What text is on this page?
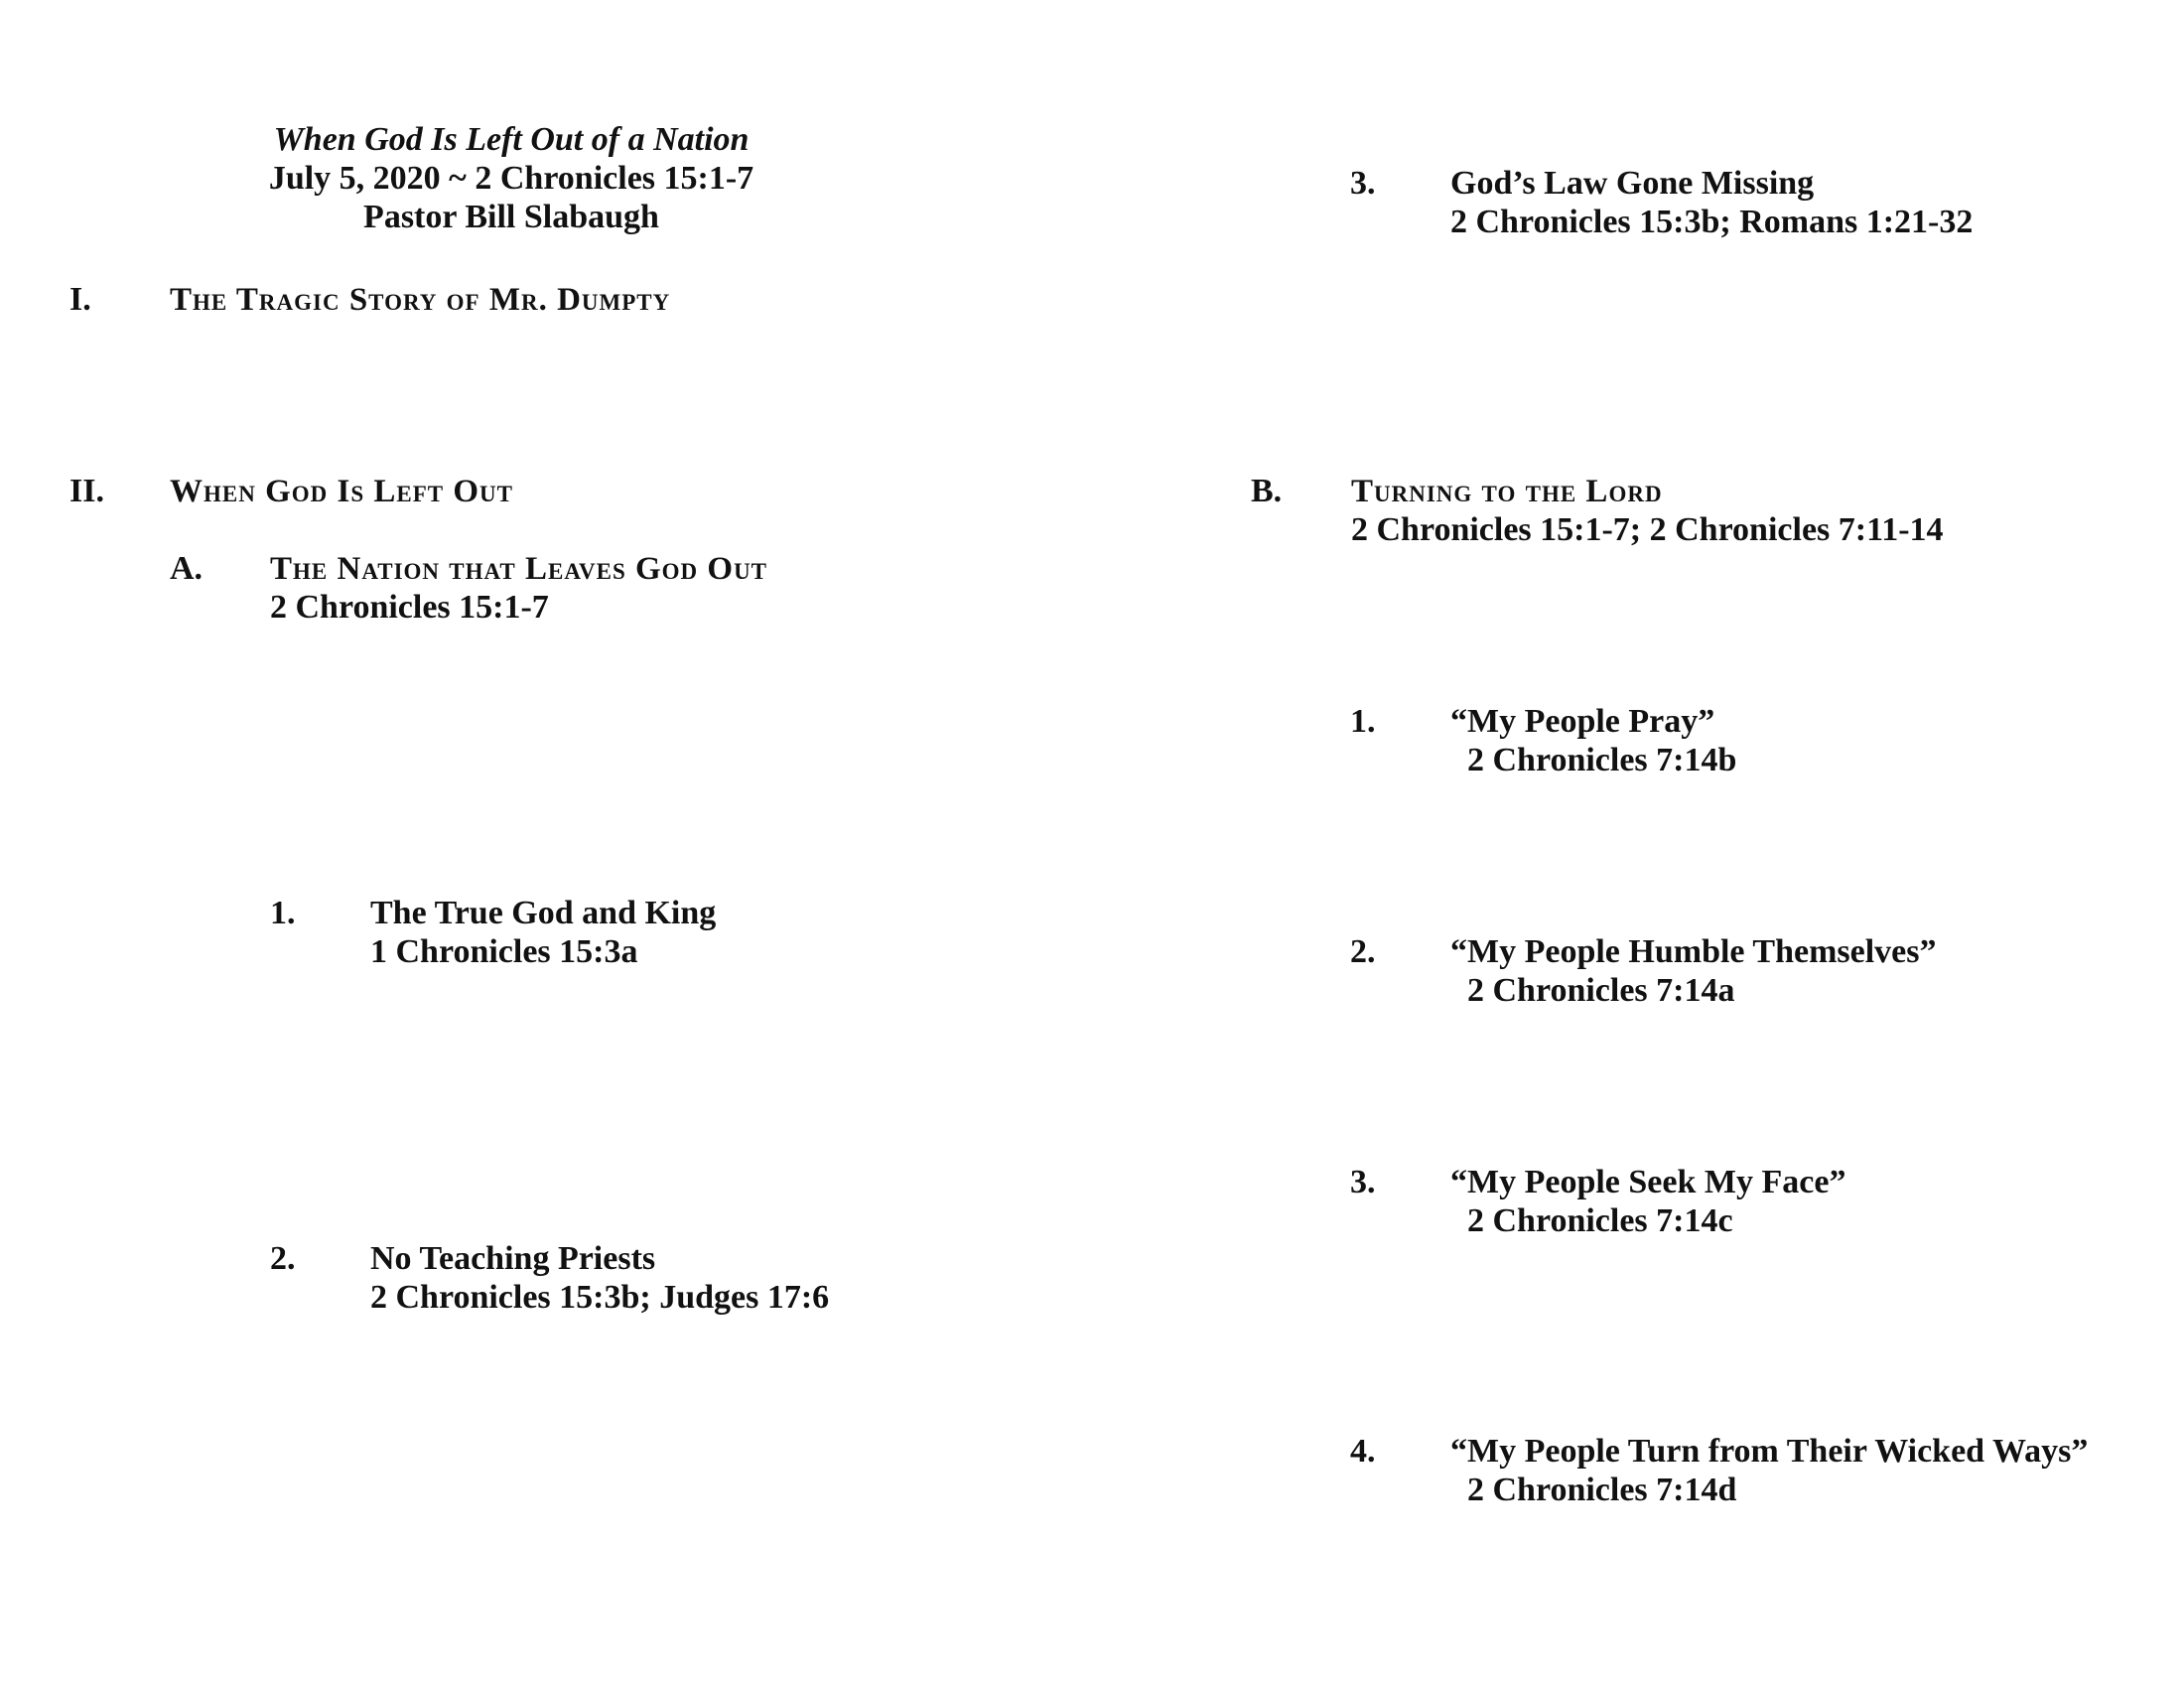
When God Is Left Out of a Nation
July 5, 2020 ~ 2 Chronicles 15:1-7
Pastor Bill Slabaugh
I. The Tragic Story of Mr. Dumpty
II. When God Is Left Out
A. The Nation that Leaves God Out
2 Chronicles 15:1-7
1. The True God and King
1 Chronicles 15:3a
2. No Teaching Priests
2 Chronicles 15:3b; Judges 17:6
3. God’s Law Gone Missing
2 Chronicles 15:3b; Romans 1:21-32
B. Turning to the Lord
2 Chronicles 15:1-7; 2 Chronicles 7:11-14
1. “My People Pray”
2 Chronicles 7:14b
2. “My People Humble Themselves”
2 Chronicles 7:14a
3. “My People Seek My Face”
2 Chronicles 7:14c
4. “My People Turn from Their Wicked Ways”
2 Chronicles 7:14d
